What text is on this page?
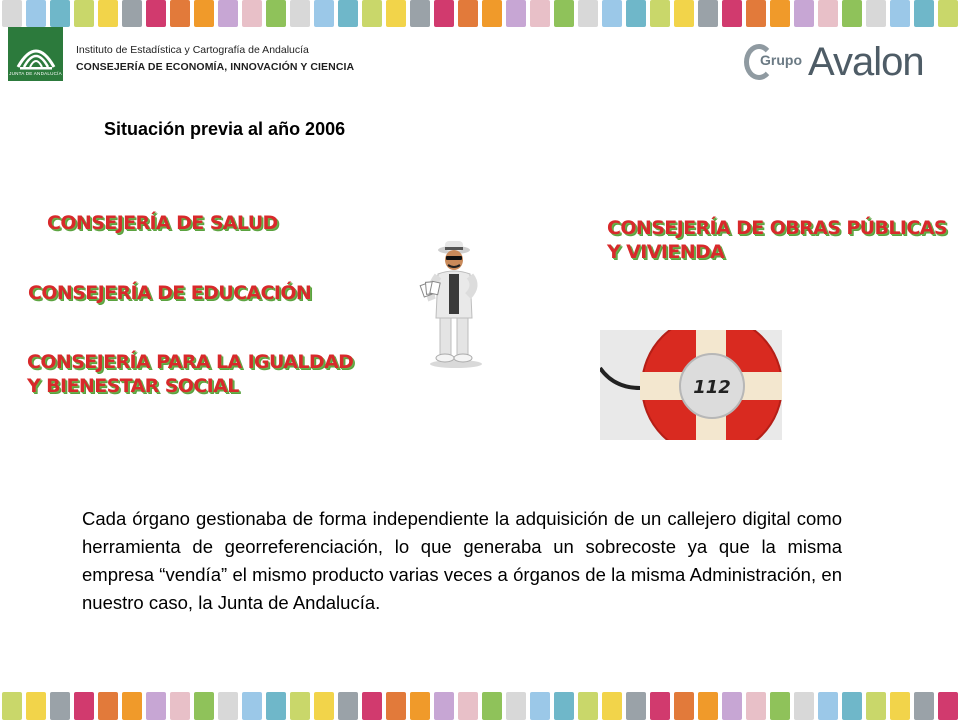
JUNTA DE ANDALUCÍA
Instituto de Estadística y Cartografía de Andalucía
CONSEJERÍA DE ECONOMÍA, INNOVACIÓN Y CIENCIA	Grupo Avalon
Situación previa al año 2006
CONSEJERÍA DE SALUD
CONSEJERÍA DE EDUCACIÓN
CONSEJERÍA PARA LA IGUALDAD
Y BIENESTAR SOCIAL
CONSEJERÍA DE OBRAS PÚBLICAS
Y VIVIENDA
112
Cada órgano gestionaba de forma independiente la adquisición de un callejero digital como herramienta de georreferenciación, lo que generaba un sobrecoste ya que la misma empresa “vendía” el mismo producto varias veces a órganos de la misma Administración, en nuestro caso, la Junta de Andalucía.
